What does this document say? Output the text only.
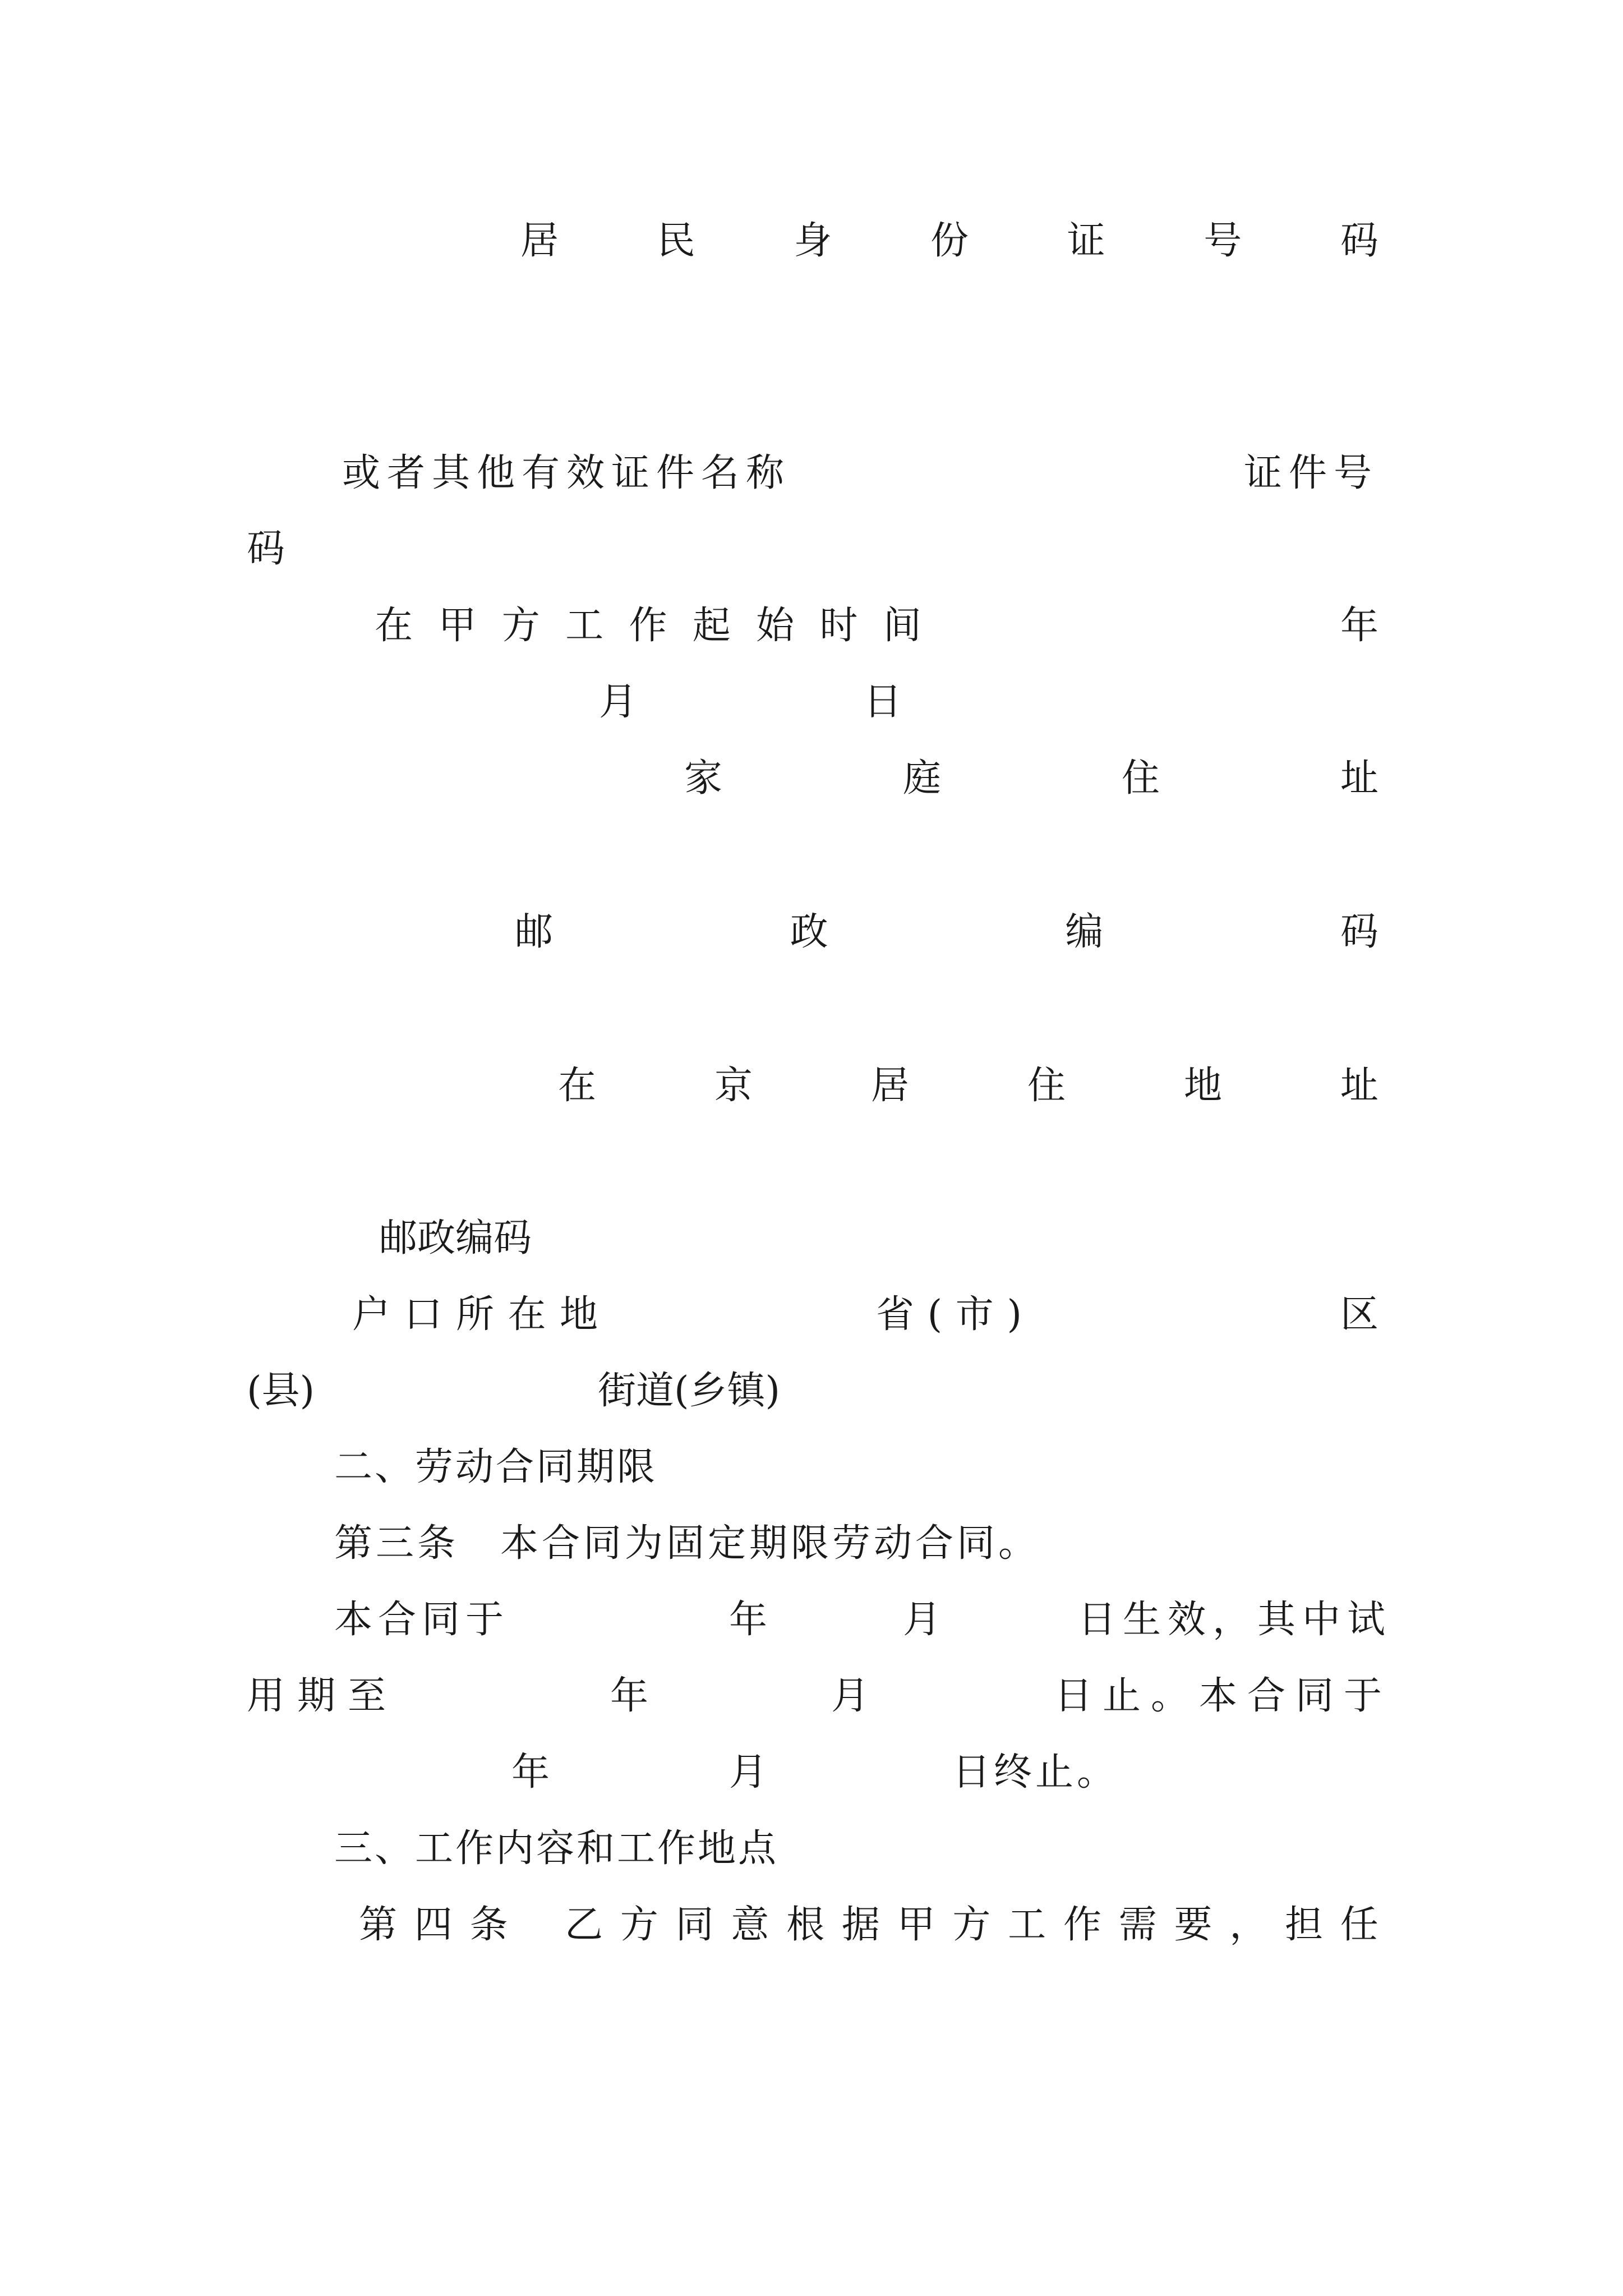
居	民	身	份	证	号	码
或者其他有效证件名称	证件号
码
在 甲 方 工 作 起 始 时 间	年
月	日
家	庭	住	址
邮	政	编	码
在	京	居	住	地	址
邮政编码
户 口 所 在 地	省 ( 市 )	区
(县)	街道(乡镇)
二、劳动合同期限
第三条　本合同为固定期限劳动合同。
本合同于	年	月	日生效，其中试
用期至	年	月	日止。本合同于
年	月	日终止。
三、工作内容和工作地点
第 四 条 乙 方 同 意 根 据 甲 方 工 作 需 要 ， 担 任
